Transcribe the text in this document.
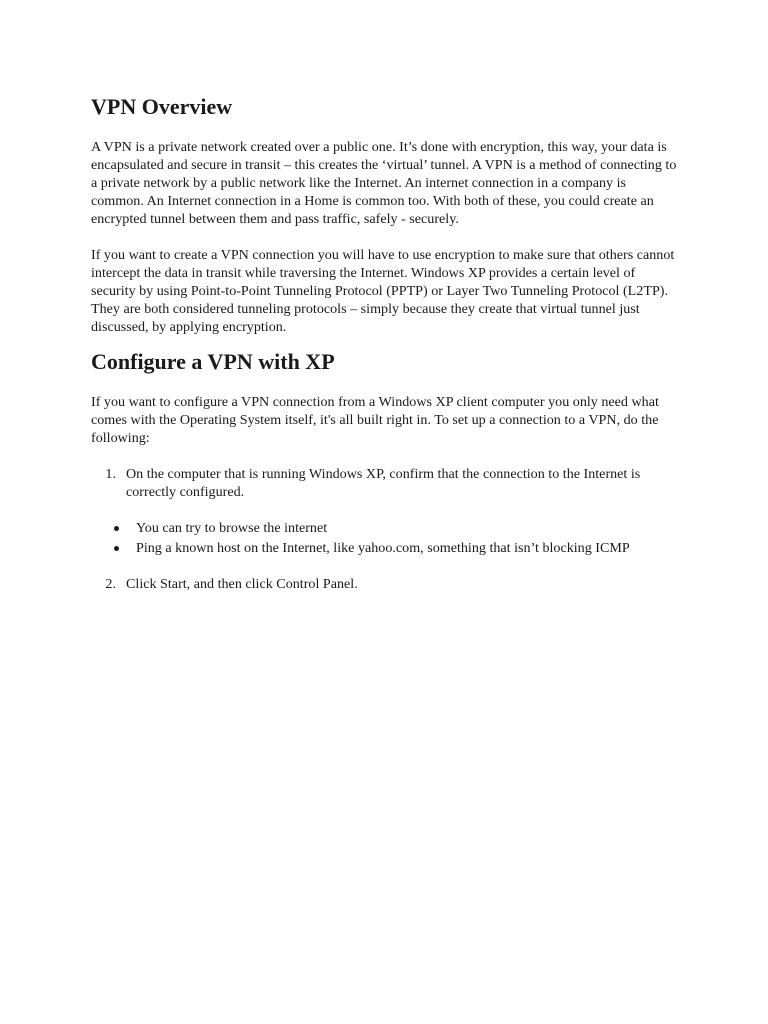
VPN Overview

A VPN is a private network created over a public one. It’s done with encryption, this way, your data is encapsulated and secure in transit – this creates the ‘virtual’ tunnel. A VPN is a method of connecting to a private network by a public network like the Internet. An internet connection in a company is common. An Internet connection in a Home is common too. With both of these, you could create an encrypted tunnel between them and pass traffic, safely - securely.

If you want to create a VPN connection you will have to use encryption to make sure that others cannot intercept the data in transit while traversing the Internet. Windows XP provides a certain level of security by using Point-to-Point Tunneling Protocol (PPTP) or Layer Two Tunneling Protocol (L2TP). They are both considered tunneling protocols – simply because they create that virtual tunnel just discussed, by applying encryption.

Configure a VPN with XP

If you want to configure a VPN connection from a Windows XP client computer you only need what comes with the Operating System itself, it's all built right in. To set up a connection to a VPN, do the following:

1. On the computer that is running Windows XP, confirm that the connection to the Internet is correctly configured.
You can try to browse the internet
Ping a known host on the Internet, like yahoo.com, something that isn’t blocking ICMP
2. Click Start, and then click Control Panel.
